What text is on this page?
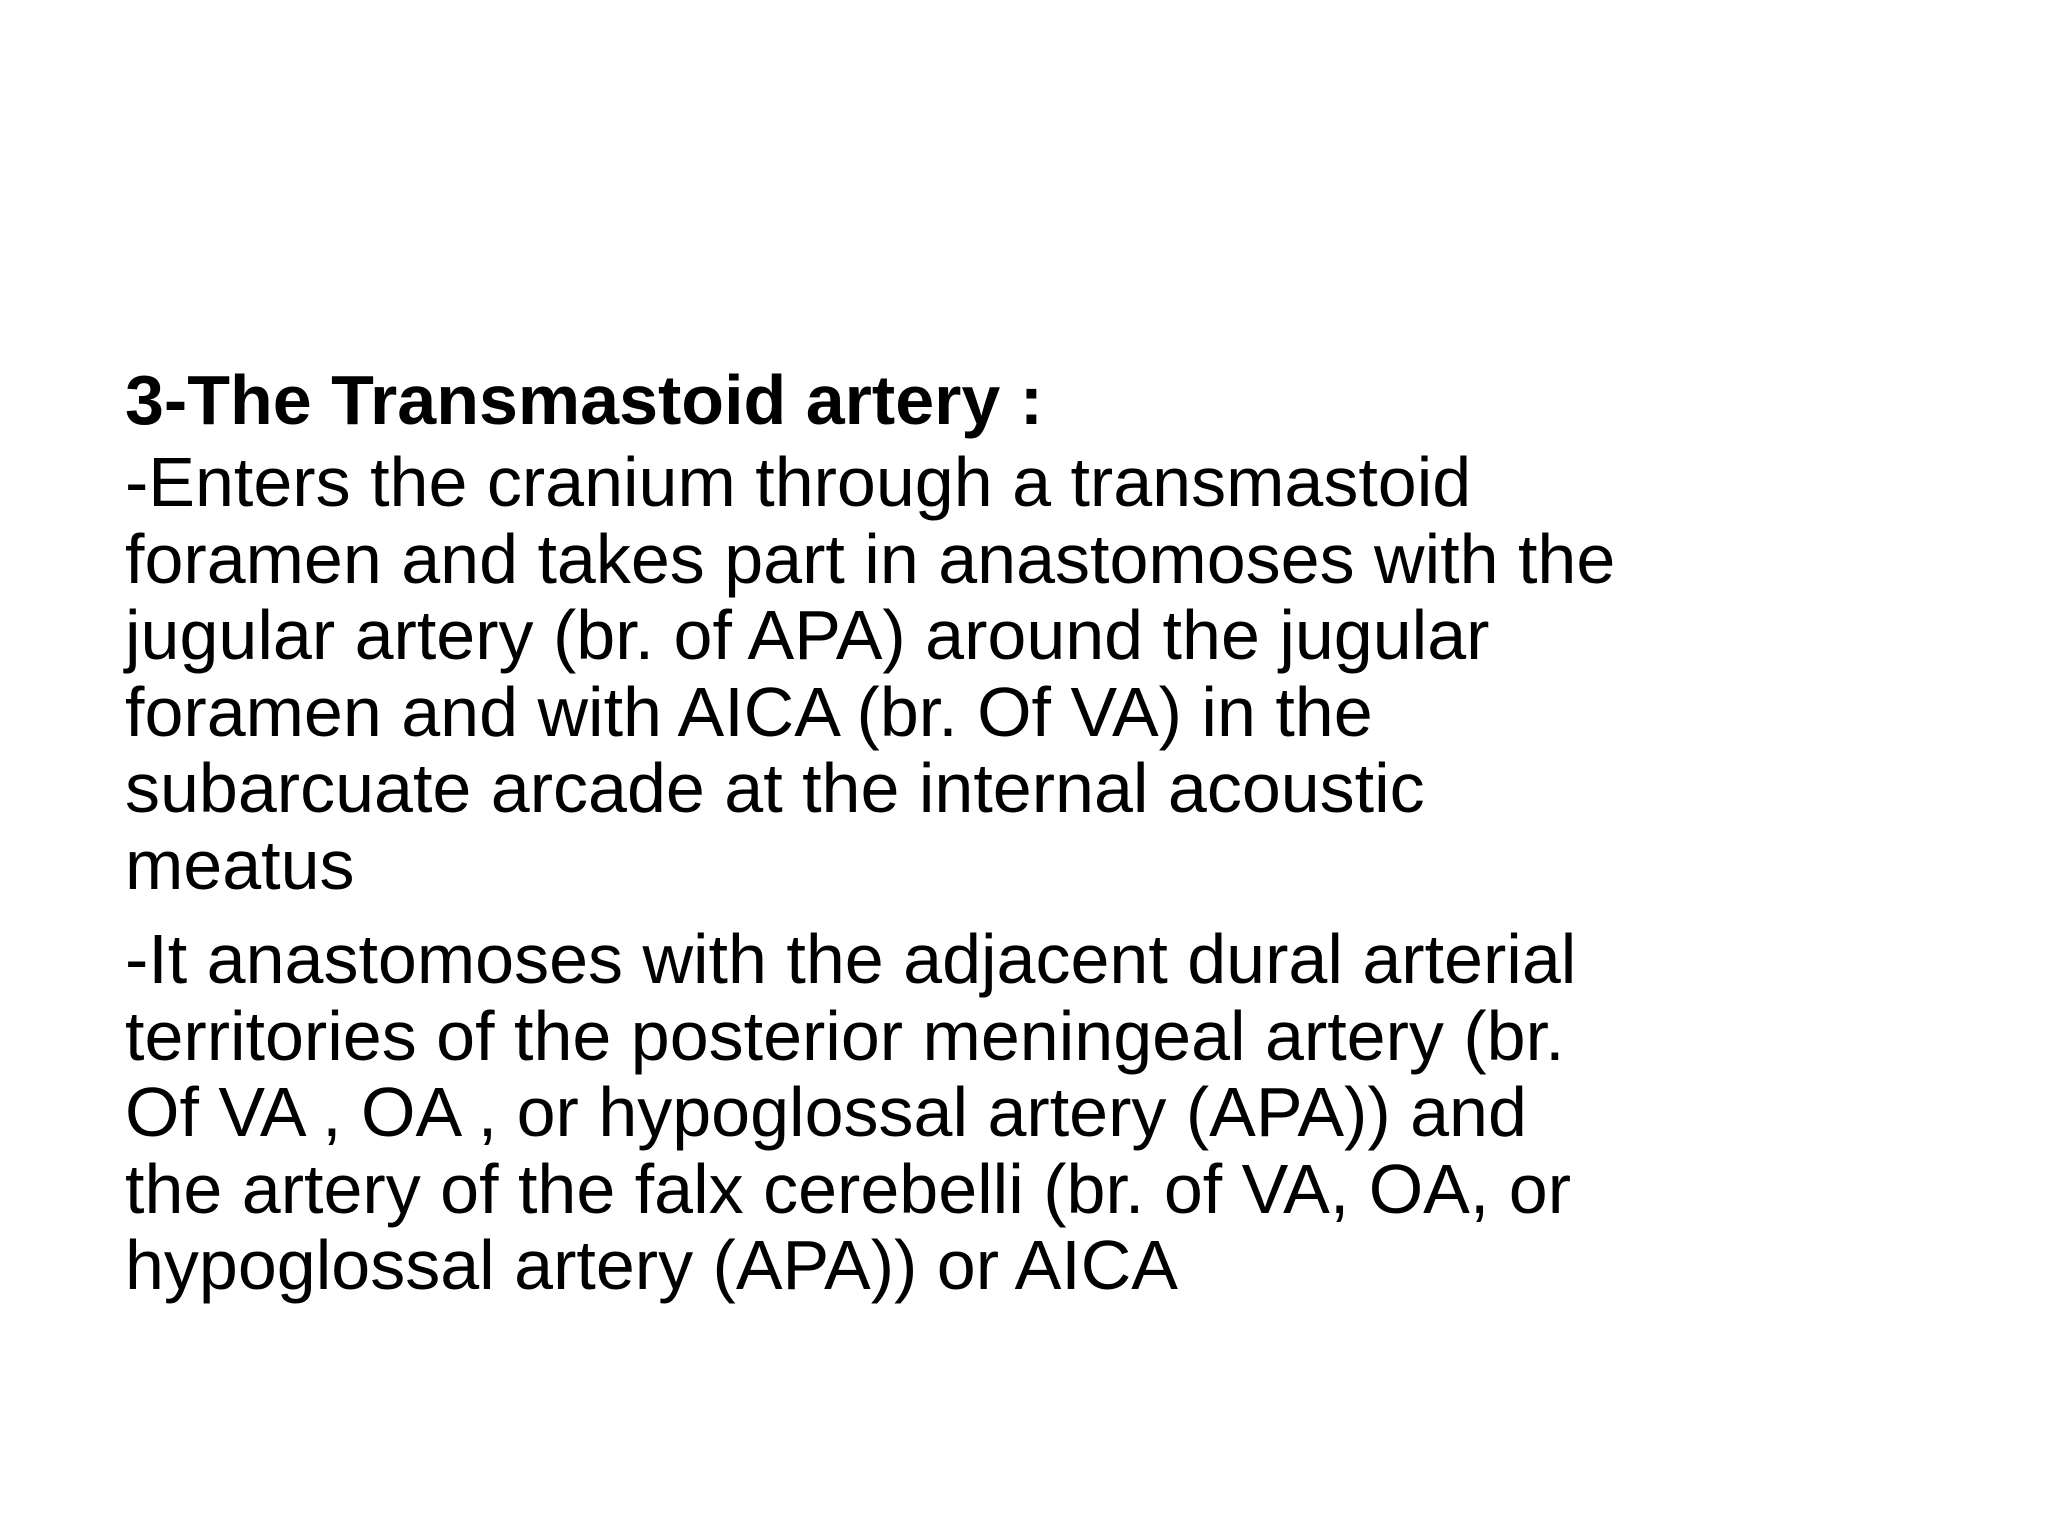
3-The Transmastoid artery :
-Enters the cranium through a transmastoid
foramen and takes part in anastomoses with the
jugular artery (br. of APA) around the jugular
foramen and with AICA (br. Of VA) in the
subarcuate arcade at the internal acoustic
meatus
-It anastomoses with the adjacent dural arterial
territories of the posterior meningeal artery (br.
Of VA , OA , or hypoglossal artery (APA)) and
the artery of the falx cerebelli (br. of VA, OA, or
hypoglossal artery (APA)) or AICA
